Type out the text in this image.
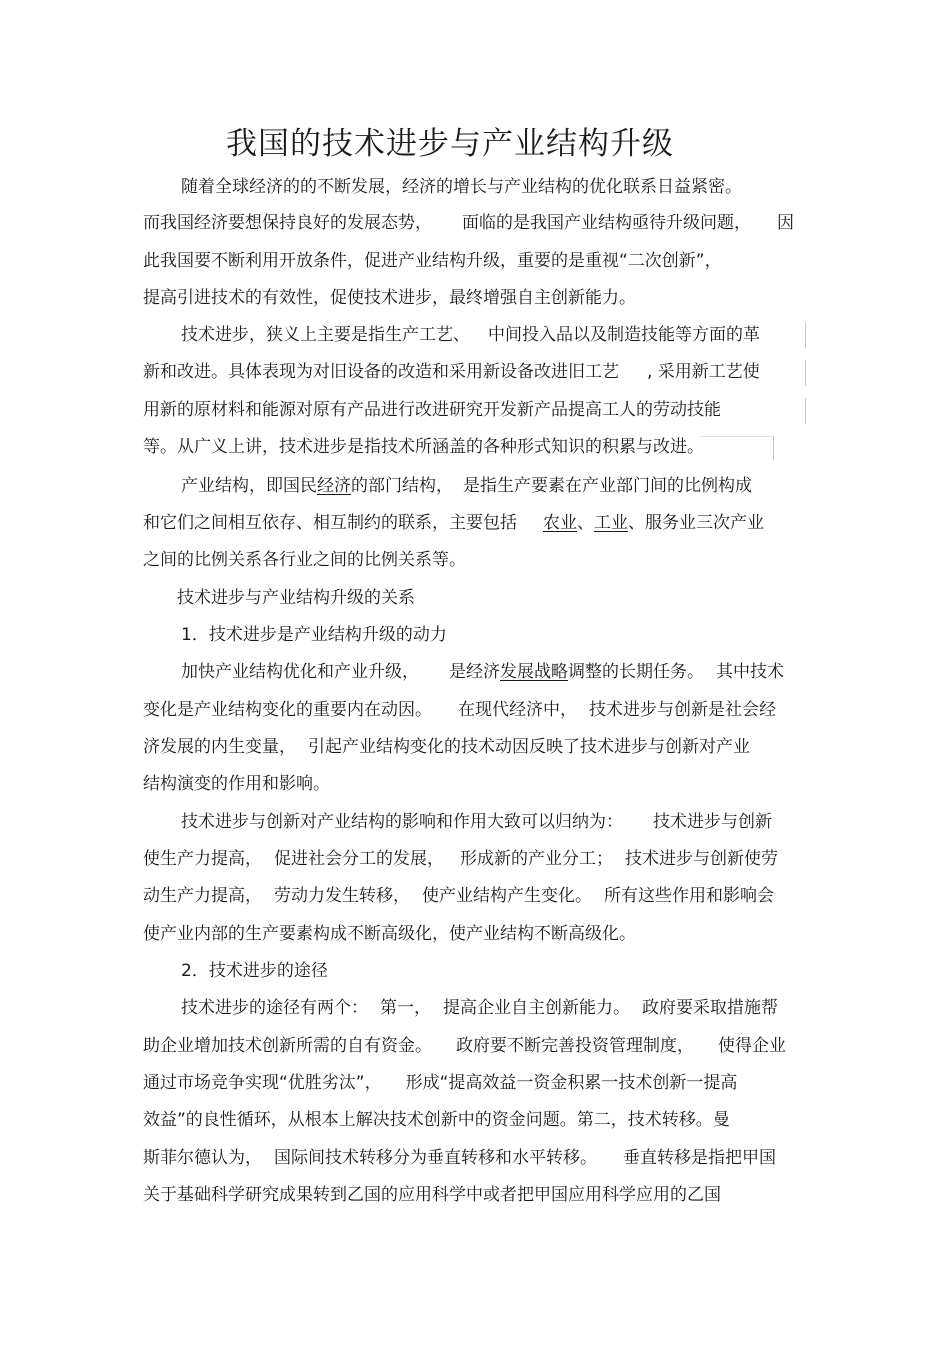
我国的技术进步与产业结构升级

随着全球经济的的不断发展，经济的增长与产业结构的优化联系日益紧密。

而我国经济要想保持良好的发展态势， 面临的是我国产业结构亟待升级问题， 因

此我国要不断利用开放条件，促进产业结构升级，重要的是重视“二次创新”，

提高引进技术的有效性，促使技术进步，最终增强自主创新能力。

技术进步，狭义上主要是指生产工艺、 中间投入品以及制造技能等方面的革

新和改进。具体表现为对旧设备的改造和采用新设备改进旧工艺 , 采用新工艺使

用新的原材料和能源对原有产品进行改进研究开发新产品提高工人的劳动技能

等。从广义上讲，技术进步是指技术所涵盖的各种形式知识的积累与改进。

产业结构，即国民经济的部门结构， 是指生产要素在产业部门间的比例构成

和它们之间相互依存、相互制约的联系，主要包括 农业、工业、服务业三次产业

之间的比例关系各行业之间的比例关系等。

技术进步与产业结构升级的关系

1．技术进步是产业结构升级的动力

加快产业结构优化和产业升级， 是经济发展战略调整的长期任务。 其中技术

变化是产业结构变化的重要内在动因。 在现代经济中， 技术进步与创新是社会经

济发展的内生变量， 引起产业结构变化的技术动因反映了技术进步与创新对产业

结构演变的作用和影响。

技术进步与创新对产业结构的影响和作用大致可以归纳为： 技术进步与创新

使生产力提高， 促进社会分工的发展， 形成新的产业分工； 技术进步与创新使劳

动生产力提高， 劳动力发生转移， 使产业结构产生变化。 所有这些作用和影响会

使产业内部的生产要素构成不断高级化，使产业结构不断高级化。

2．技术进步的途径

技术进步的途径有两个： 第一， 提高企业自主创新能力。 政府要采取措施帮

助企业增加技术创新所需的自有资金。 政府要不断完善投资管理制度， 使得企业

通过市场竞争实现“优胜劣汰”， 形成“提高效益一资金积累一技术创新一提高

效益”的良性循环，从根本上解决技术创新中的资金问题。第二，技术转移。曼

斯菲尔德认为， 国际间技术转移分为垂直转移和水平转移。 垂直转移是指把甲国

关于基础科学研究成果转到乙国的应用科学中或者把甲国应用科学应用的乙国
